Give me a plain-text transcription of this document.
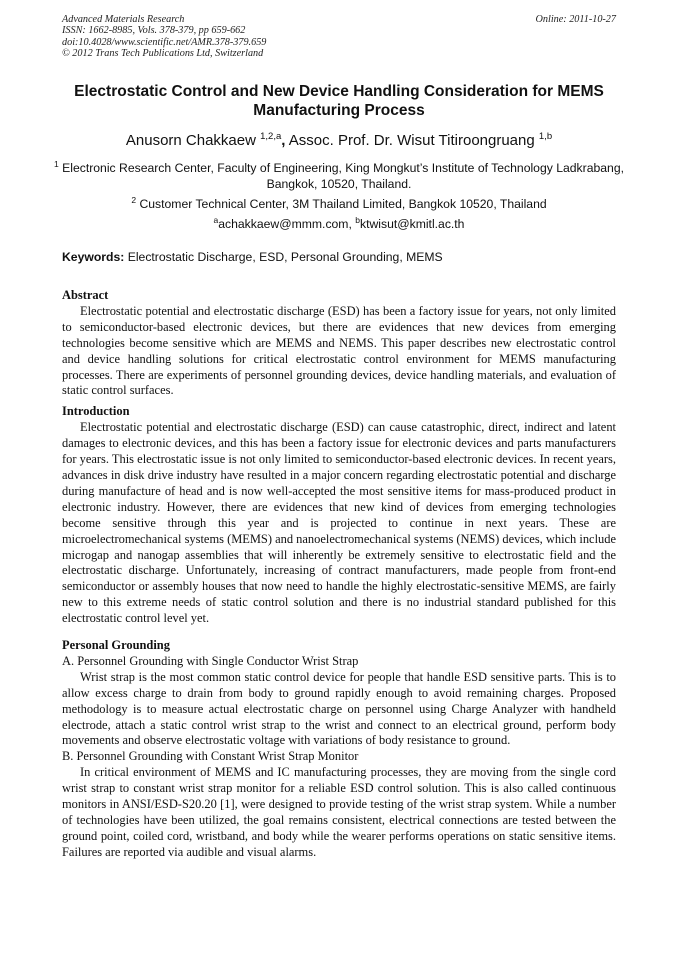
Advanced Materials Research
ISSN: 1662-8985, Vols. 378-379, pp 659-662
doi:10.4028/www.scientific.net/AMR.378-379.659
© 2012 Trans Tech Publications Ltd, Switzerland
Online: 2011-10-27
Electrostatic Control and New Device Handling Consideration for MEMS Manufacturing Process
Anusorn Chakkaew $^{1,2,a}$, Assoc. Prof. Dr. Wisut Titiroongruang $^{1,b}$
$^1$ Electronic Research Center, Faculty of Engineering, King Mongkut’s Institute of Technology Ladkrabang, Bangkok, 10520, Thailand.
$^2$ Customer Technical Center, 3M Thailand Limited, Bangkok 10520, Thailand
$^a$achakkaew@mmm.com, $^b$ktwisut@kmitl.ac.th
Keywords: Electrostatic Discharge, ESD, Personal Grounding, MEMS
Abstract

Electrostatic potential and electrostatic discharge (ESD) has been a factory issue for years, not only limited to semiconductor-based electronic devices, but there are evidences that new devices from emerging technologies become sensitive which are MEMS and NEMS. This paper describes new electrostatic control and device handling solutions for critical electrostatic control environment for MEMS manufacturing processes. There are experiments of personnel grounding devices, device handling materials, and evaluation of static control surfaces.

Introduction

Electrostatic potential and electrostatic discharge (ESD) can cause catastrophic, direct, indirect and latent damages to electronic devices, and this has been a factory issue for electronic devices and parts manufacturers for years. This electrostatic issue is not only limited to semiconductor-based electronic devices. In recent years, advances in disk drive industry have resulted in a major concern regarding electrostatic potential and discharge during manufacture of head and is now well-accepted the most sensitive items for mass-produced product in electronic industry. However, there are evidences that new kind of devices from emerging technologies become sensitive through this year and is projected to continue in next years. These are microelectromechanical systems (MEMS) and nanoelectromechanical systems (NEMS) devices, which include microgap and nanogap assemblies that will inherently be extremely sensitive to electrostatic field and the electrostatic discharge. Unfortunately, increasing of contract manufacturers, made people from front-end semiconductor or assembly houses that now need to handle the highly electrostatic-sensitive MEMS, are fairly new to this extreme needs of static control solution and there is no industrial standard published for this electrostatic control level yet.

Personal Grounding
A. Personnel Grounding with Single Conductor Wrist Strap

Wrist strap is the most common static control device for people that handle ESD sensitive parts. This is to allow excess charge to drain from body to ground rapidly enough to avoid remaining charges. Proposed methodology is to measure actual electrostatic charge on personnel using Charge Analyzer with handheld electrode, attach a static control wrist strap to the wrist and connect to an electrical ground, perform body movements and observe electrostatic voltage with variations of body resistance to ground.

B. Personnel Grounding with Constant Wrist Strap Monitor

In critical environment of MEMS and IC manufacturing processes, they are moving from the single cord wrist strap to constant wrist strap monitor for a reliable ESD control solution. This is also called continuous monitors in ANSI/ESD-S20.20 [1], were designed to provide testing of the wrist strap system. While a number of technologies have been utilized, the goal remains consistent, electrical connections are tested between the ground point, coiled cord, wristband, and body while the wearer performs operations on static sensitive items. Failures are reported via audible and visual alarms.
